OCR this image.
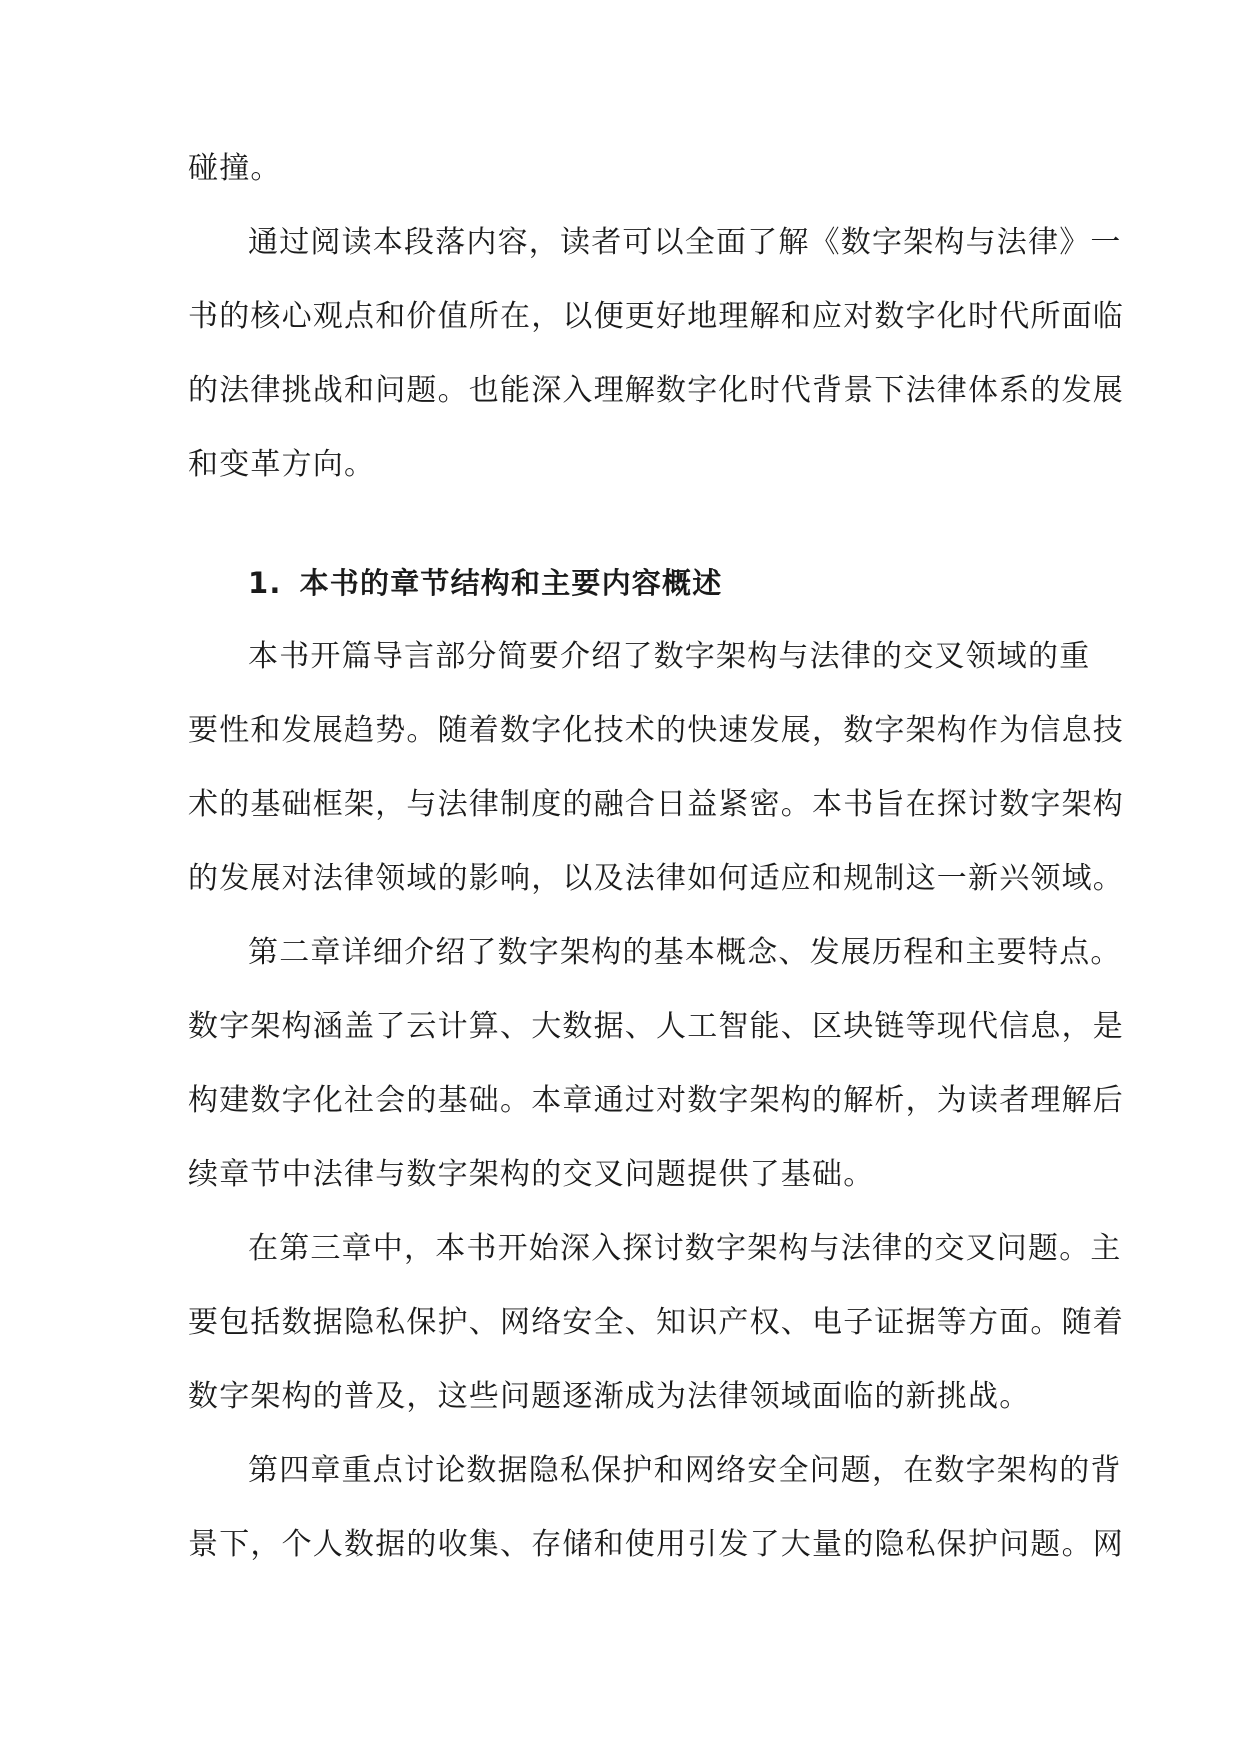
碰撞。
通过阅读本段落内容，读者可以全面了解《数字架构与法律》一
书的核心观点和价值所在，以便更好地理解和应对数字化时代所面临
的法律挑战和问题。也能深入理解数字化时代背景下法律体系的发展
和变革方向。
1. 本书的章节结构和主要内容概述
本书开篇导言部分简要介绍了数字架构与法律的交叉领域的重
要性和发展趋势。随着数字化技术的快速发展，数字架构作为信息技
术的基础框架，与法律制度的融合日益紧密。本书旨在探讨数字架构
的发展对法律领域的影响，以及法律如何适应和规制这一新兴领域。
第二章详细介绍了数字架构的基本概念、发展历程和主要特点。
数字架构涵盖了云计算、大数据、人工智能、区块链等现代信息，是
构建数字化社会的基础。本章通过对数字架构的解析，为读者理解后
续章节中法律与数字架构的交叉问题提供了基础。
在第三章中，本书开始深入探讨数字架构与法律的交叉问题。主
要包括数据隐私保护、网络安全、知识产权、电子证据等方面。随着
数字架构的普及，这些问题逐渐成为法律领域面临的新挑战。
第四章重点讨论数据隐私保护和网络安全问题，在数字架构的背
景下，个人数据的收集、存储和使用引发了大量的隐私保护问题。网
